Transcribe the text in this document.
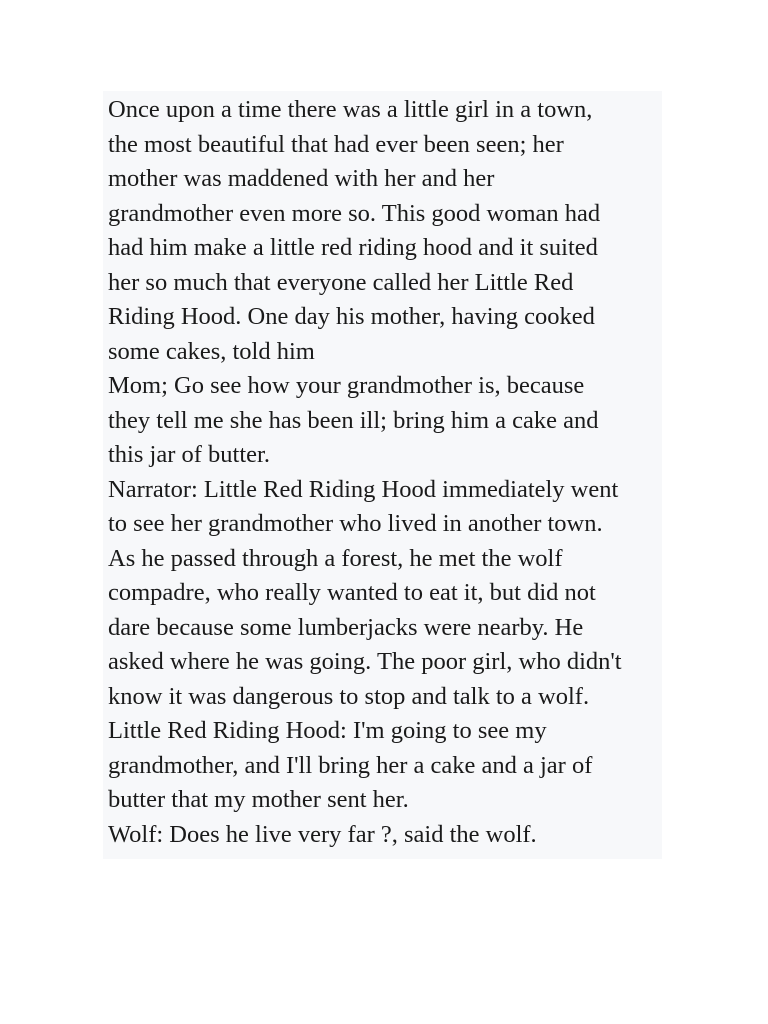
Once upon a time there was a little girl in a town,
the most beautiful that had ever been seen; her
mother was maddened with her and her
grandmother even more so. This good woman had
had him make a little red riding hood and it suited
her so much that everyone called her Little Red
Riding Hood. One day his mother, having cooked
some cakes, told him
Mom; Go see how your grandmother is, because
they tell me she has been ill; bring him a cake and
this jar of butter.
Narrator: Little Red Riding Hood immediately went
to see her grandmother who lived in another town.
As he passed through a forest, he met the wolf
compadre, who really wanted to eat it, but did not
dare because some lumberjacks were nearby. He
asked where he was going. The poor girl, who didn't
know it was dangerous to stop and talk to a wolf.
Little Red Riding Hood: I'm going to see my
grandmother, and I'll bring her a cake and a jar of
butter that my mother sent her.
Wolf: Does he live very far ?, said the wolf.
